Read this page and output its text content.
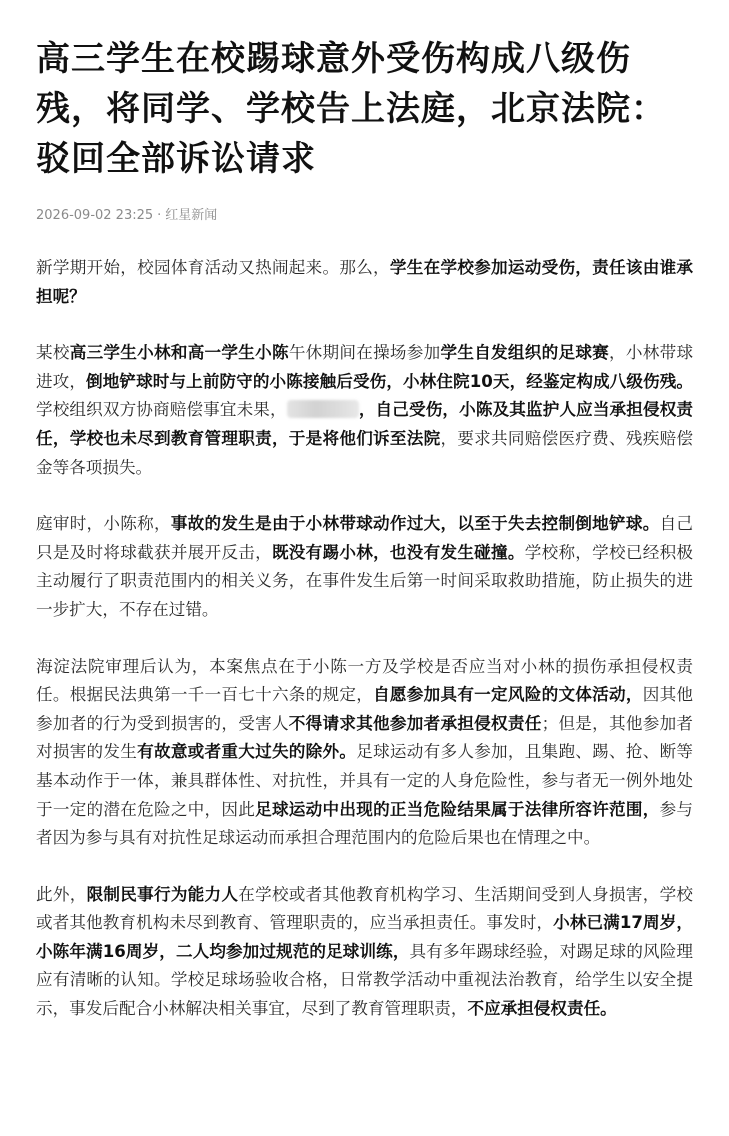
高三学生在校踢球意外受伤构成八级伤残，将同学、学校告上法庭，北京法院：驳回全部诉讼请求
2026-09-02 23:25 · 红星新闻

新学期开始，校园体育活动又热闹起来。那么，学生在学校参加运动受伤，责任该由谁承担呢？

某校高三学生小林和高一学生小陈午休期间在操场参加学生自发组织的足球赛，小林带球进攻，倒地铲球时与上前防守的小陈接触后受伤，小林住院10天，经鉴定构成八级伤残。学校组织双方协商赔偿事宜未果，	，自己受伤，小陈及其监护人应当承担侵权责任，学校也未尽到教育管理职责，于是将他们诉至法院，要求共同赔偿医疗费、残疾赔偿金等各项损失。

庭审时，小陈称，事故的发生是由于小林带球动作过大，以至于失去控制倒地铲球。自己只是及时将球截获并展开反击，既没有踢小林，也没有发生碰撞。学校称，学校已经积极主动履行了职责范围内的相关义务，在事件发生后第一时间采取救助措施，防止损失的进一步扩大，不存在过错。

海淀法院审理后认为，本案焦点在于小陈一方及学校是否应当对小林的损伤承担侵权责任。根据民法典第一千一百七十六条的规定，自愿参加具有一定风险的文体活动，因其他参加者的行为受到损害的，受害人不得请求其他参加者承担侵权责任；但是，其他参加者对损害的发生有故意或者重大过失的除外。足球运动有多人参加，且集跑、踢、抢、断等基本动作于一体，兼具群体性、对抗性，并具有一定的人身危险性，参与者无一例外地处于一定的潜在危险之中，因此足球运动中出现的正当危险结果属于法律所容许范围，参与者因为参与具有对抗性足球运动而承担合理范围内的危险后果也在情理之中。

此外，限制民事行为能力人在学校或者其他教育机构学习、生活期间受到人身损害，学校或者其他教育机构未尽到教育、管理职责的，应当承担责任。事发时，小林已满17周岁，小陈年满16周岁，二人均参加过规范的足球训练，具有多年踢球经验，对踢足球的风险理应有清晰的认知。学校足球场验收合格，日常教学活动中重视法治教育，给学生以安全提示，事发后配合小林解决相关事宜，尽到了教育管理职责，不应承担侵权责任。
